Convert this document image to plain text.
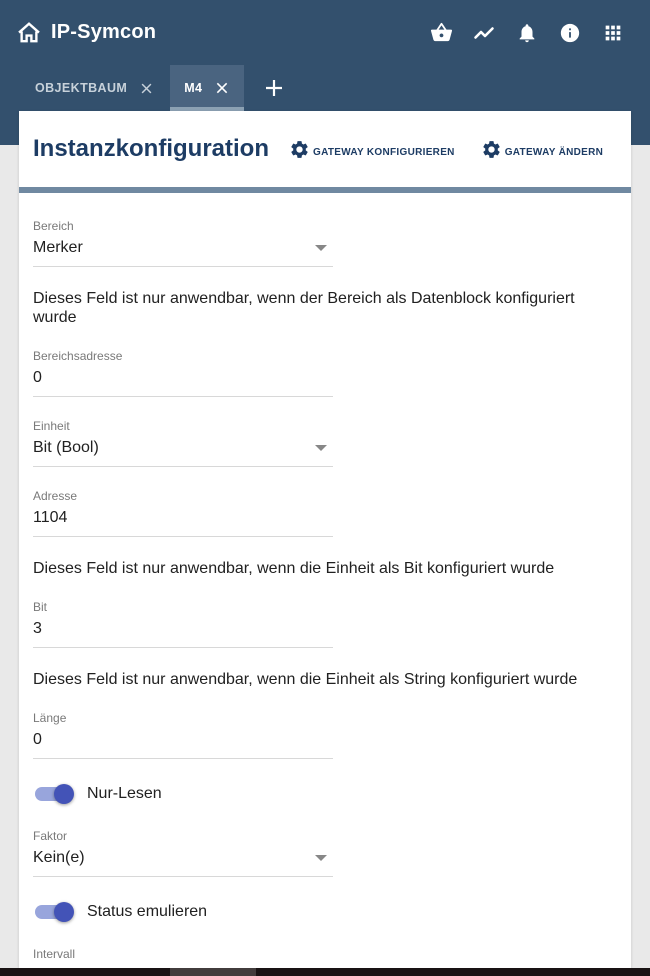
IP-Symcon
OBJEKTBAUM	M4
Instanzkonfiguration	GATEWAY KONFIGURIEREN	GATEWAY ÄNDERN
Bereich
Merker
Dieses Feld ist nur anwendbar, wenn der Bereich als Datenblock konfiguriert wurde
Bereichsadresse
0
Einheit
Bit (Bool)
Adresse
1104
Dieses Feld ist nur anwendbar, wenn die Einheit als Bit konfiguriert wurde
Bit
3
Dieses Feld ist nur anwendbar, wenn die Einheit als String konfiguriert wurde
Länge
0
Nur-Lesen
Faktor
Kein(e)
Status emulieren
Intervall
5000
